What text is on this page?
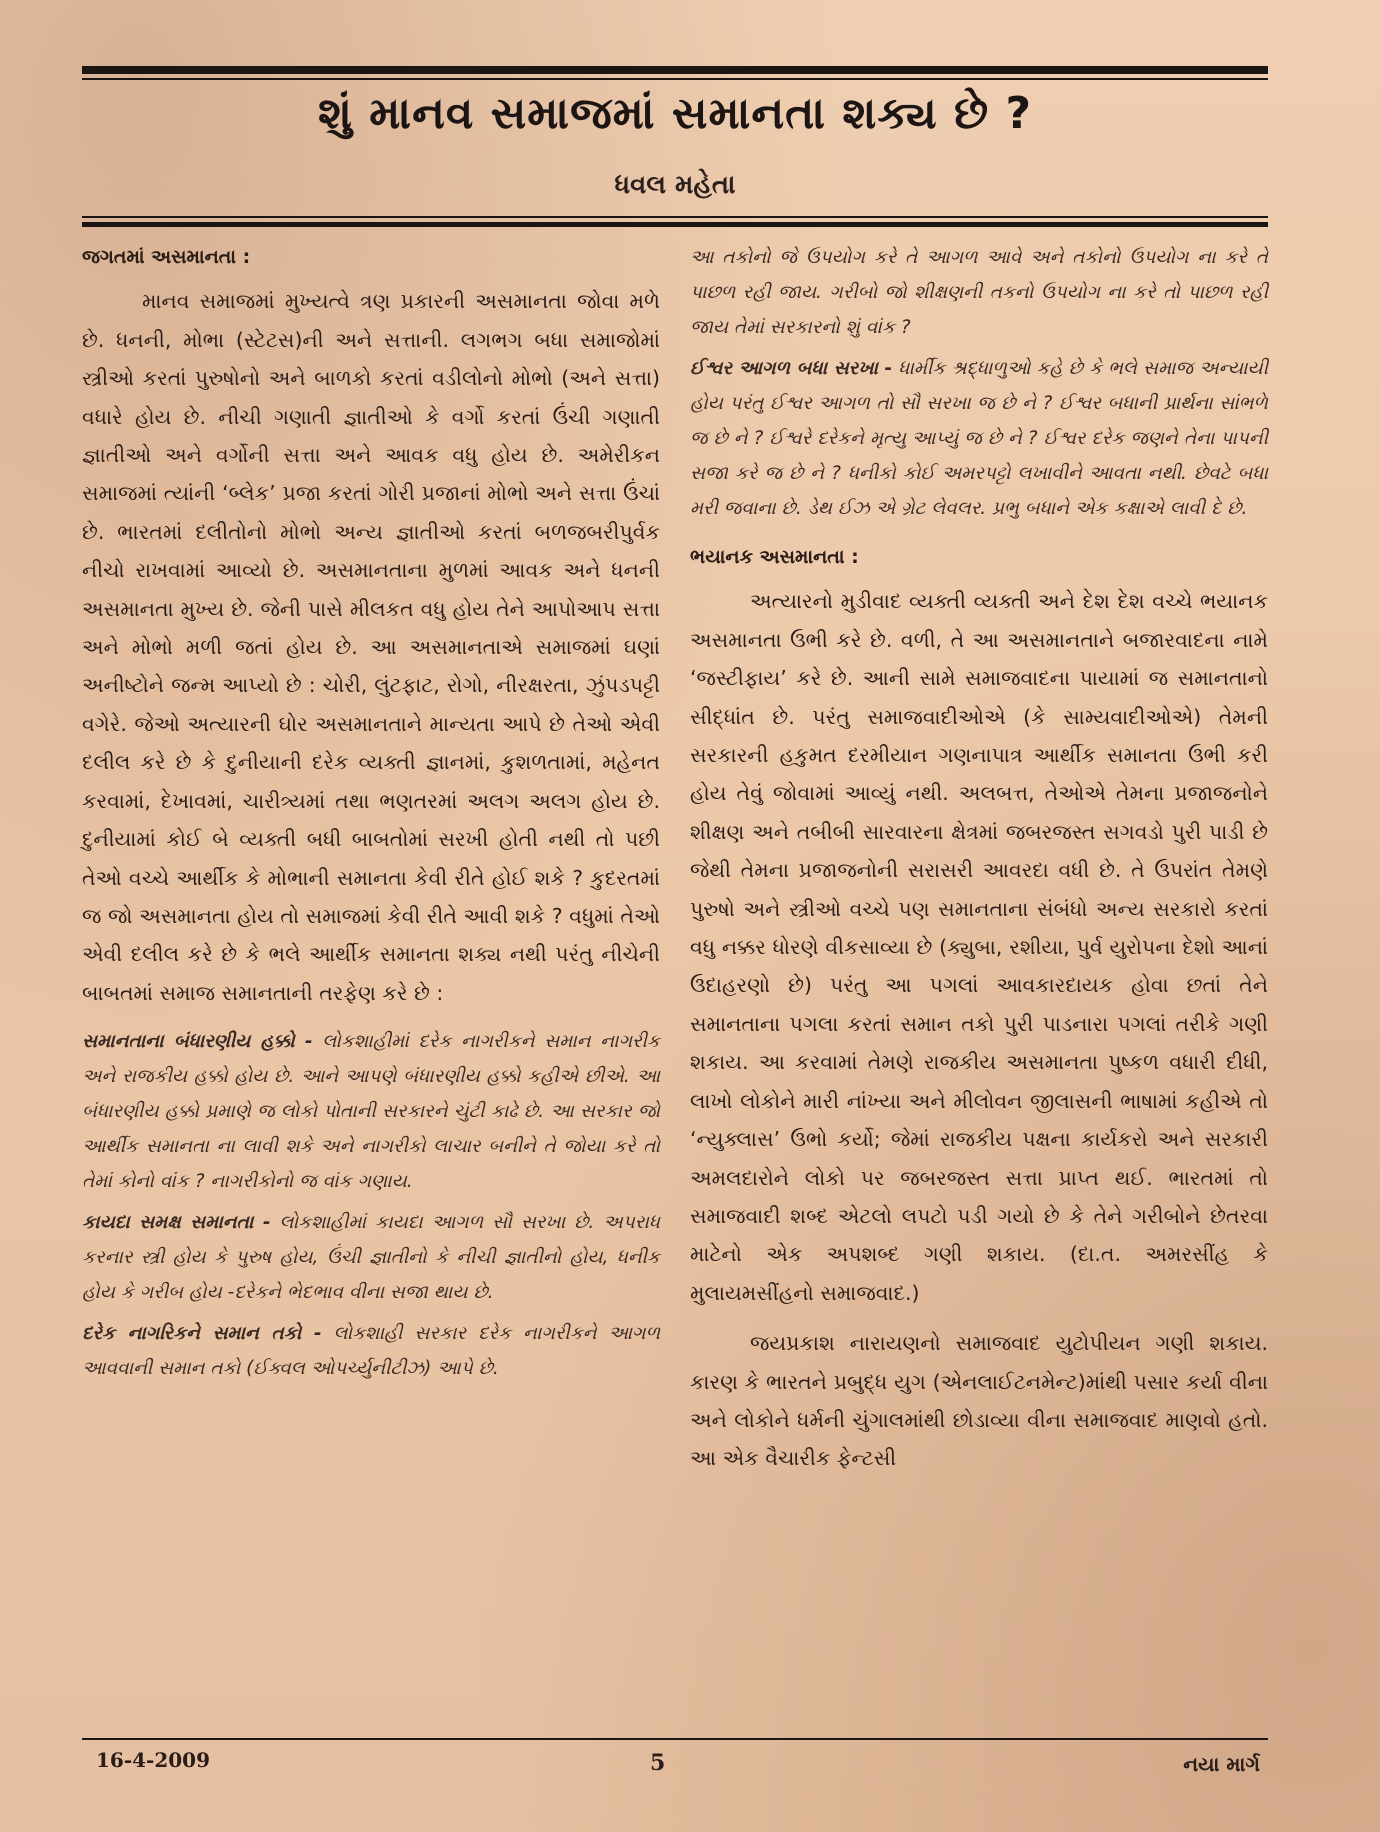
શું માનવ સમાજમાં સમાનતા શક્ય છે ?
ધવલ મહેતા

જગતમાં અસમાનતા :

માનવ સમાજમાં મુખ્યત્વે ત્રણ પ્રકારની અસમાનતા જોવા મળે છે. ધનની, મોભા (સ્ટેટસ)ની અને સત્તાની. લગભગ બધા સમાજોમાં સ્ત્રીઓ કરતાં પુરુષોનો અને બાળકો કરતાં વડીલોનો મોભો (અને સત્તા) વધારે હોય છે. નીચી ગણાતી જ્ઞાતીઓ કે વર્ગો કરતાં ઉંચી ગણાતી જ્ઞાતીઓ અને વર્ગોની સત્તા અને આવક વધુ હોય છે. અમેરીકન સમાજમાં ત્યાંની ‘બ્લેક’ પ્રજા કરતાં ગોરી પ્રજાનાં મોભો અને સત્તા ઉંચાં છે. ભારતમાં દલીતોનો મોભો અન્ય જ્ઞાતીઓ કરતાં બળજબરીપુર્વક નીચો રાખવામાં આવ્યો છે. અસમાનતાના મુળમાં આવક અને ધનની અસમાનતા મુખ્ય છે. જેની પાસે મીલકત વધુ હોય તેને આપોઆપ સત્તા અને મોભો મળી જતાં હોય છે. આ અસમાનતાએ સમાજમાં ઘણાં અનીષ્ટોને જન્મ આપ્યો છે : ચોરી, લુંટફાટ, રોગો, નીરક્ષરતા, ઝુંપડપટ્ટી વગેરે. જેઓ અત્યારની ઘોર અસમાનતાને માન્યતા આપે છે તેઓ એવી દલીલ કરે છે કે દુનીયાની દરેક વ્યક્તી જ્ઞાનમાં, કુશળતામાં, મહેનત કરવામાં, દેખાવમાં, ચારીત્ર્યમાં તથા ભણતરમાં અલગ અલગ હોય છે. દુનીયામાં કોઈ બે વ્યક્તી બધી બાબતોમાં સરખી હોતી નથી તો પછી તેઓ વચ્ચે આર્થીક કે મોભાની સમાનતા કેવી રીતે હોઈ શકે ? કુદરતમાં જ જો અસમાનતા હોય તો સમાજમાં કેવી રીતે આવી શકે ? વધુમાં તેઓ એવી દલીલ કરે છે કે ભલે આર્થીક સમાનતા શક્ય નથી પરંતુ નીચેની બાબતમાં સમાજ સમાનતાની તરફેણ કરે છે :

સમાનતાના બંધારણીય હક્કો - લોકશાહીમાં દરેક નાગરીકને સમાન નાગરીક અને રાજકીય હક્કો હોય છે. આને આપણે બંધારણીય હક્કો કહીએ છીએ. આ બંધારણીય હક્કો પ્રમાણે જ લોકો પોતાની સરકારને ચુંટી કાઢે છે. આ સરકાર જો આર્થીક સમાનતા ના લાવી શકે અને નાગરીકો લાચાર બનીને તે જોયા કરે તો તેમાં કોનો વાંક ? નાગરીકોનો જ વાંક ગણાય.

કાયદા સમક્ષ સમાનતા - લોકશાહીમાં કાયદા આગળ સૌ સરખા છે. અપરાધ કરનાર સ્ત્રી હોય કે પુરુષ હોય, ઉંચી જ્ઞાતીનો કે નીચી જ્ઞાતીનો હોય, ધનીક હોય કે ગરીબ હોય -દરેકને ભેદભાવ વીના સજા થાય છે.

દરેક નાગરિકને સમાન તકો - લોકશાહી સરકાર દરેક નાગરીકને આગળ આવવાની સમાન તકો (ઈક્વલ ઓપર્ચ્યુનીટીઝ) આપે છે.

આ તકોનો જે ઉપયોગ કરે તે આગળ આવે અને તકોનો ઉપયોગ ના કરે તે પાછળ રહી જાય. ગરીબો જો શીક્ષણની તકનો ઉપયોગ ના કરે તો પાછળ રહી જાય તેમાં સરકારનો શું વાંક ?

ઈશ્વર આગળ બધા સરખા - ધાર્મીક શ્રદ્ધાળુઓ કહે છે કે ભલે સમાજ અન્યાયી હોય પરંતુ ઈશ્વર આગળ તો સૌ સરખા જ છે ને ? ઈશ્વર બધાની પ્રાર્થના સાંભળે જ છે ને ? ઈશ્વરે દરેકને મૃત્યુ આપ્યું જ છે ને ? ઈશ્વર દરેક જણને તેના પાપની સજા કરે જ છે ને ? ધનીકો કોઈ અમરપટ્ટો લખાવીને આવતા નથી. છેવટે બધા મરી જવાના છે. ડેથ ઈઝ એ ગ્રેટ લેવલર. પ્રભુ બધાને એક કક્ષાએ લાવી દે છે.

ભયાનક અસમાનતા :

અત્યારનો મુડીવાદ વ્યક્તી વ્યક્તી અને દેશ દેશ વચ્ચે ભયાનક અસમાનતા ઉભી કરે છે. વળી, તે આ અસમાનતાને બજારવાદના નામે ‘જસ્ટીફાય’ કરે છે. આની સામે સમાજવાદના પાયામાં જ સમાનતાનો સીદ્ધાંત છે. પરંતુ સમાજવાદીઓએ (કે સામ્યવાદીઓએ) તેમની સરકારની હકુમત દરમીયાન ગણનાપાત્ર આર્થીક સમાનતા ઉભી કરી હોય તેવું જોવામાં આવ્યું નથી. અલબત્ત, તેઓએ તેમના પ્રજાજનોને શીક્ષણ અને તબીબી સારવારના ક્ષેત્રમાં જબરજસ્ત સગવડો પુરી પાડી છે જેથી તેમના પ્રજાજનોની સરાસરી આવરદા વધી છે. તે ઉપરાંત તેમણે પુરુષો અને સ્ત્રીઓ વચ્ચે પણ સમાનતાના સંબંધો અન્ય સરકારો કરતાં વધુ નક્કર ધોરણે વીકસાવ્યા છે (ક્યુબા, રશીયા, પુર્વ યુરોપના દેશો આનાં ઉદાહરણો છે) પરંતુ આ પગલાં આવકારદાયક હોવા છતાં તેને સમાનતાના પગલા કરતાં સમાન તકો પુરી પાડનારા પગલાં તરીકે ગણી શકાય. આ કરવામાં તેમણે રાજકીય અસમાનતા પુષ્કળ વધારી દીધી, લાખો લોકોને મારી નાંખ્યા અને મીલોવન જીલાસની ભાષામાં કહીએ તો ‘ન્યુક્લાસ’ ઉભો કર્યો; જેમાં રાજકીય પક્ષના કાર્યકરો અને સરકારી અમલદારોને લોકો પર જબરજસ્ત સત્તા પ્રાપ્ત થઈ. ભારતમાં તો સમાજવાદી શબ્દ એટલો લપટો પડી ગયો છે કે તેને ગરીબોને છેતરવા માટેનો એક અપશબ્દ ગણી શકાય. (દા.ત. અમરસીંહ કે મુલાયમસીંહનો સમાજવાદ.)

જયપ્રકાશ નારાયણનો સમાજવાદ યુટોપીયન ગણી શકાય. કારણ કે ભારતને પ્રબુદ્ધ યુગ (એનલાઈટનમેન્ટ)માંથી પસાર કર્યા વીના અને લોકોને ધર્મની ચુંગાલમાંથી છોડાવ્યા વીના સમાજવાદ માણવો હતો. આ એક વૈચારીક ફેન્ટસી

16-4-2009	5	નયા માર્ગ
